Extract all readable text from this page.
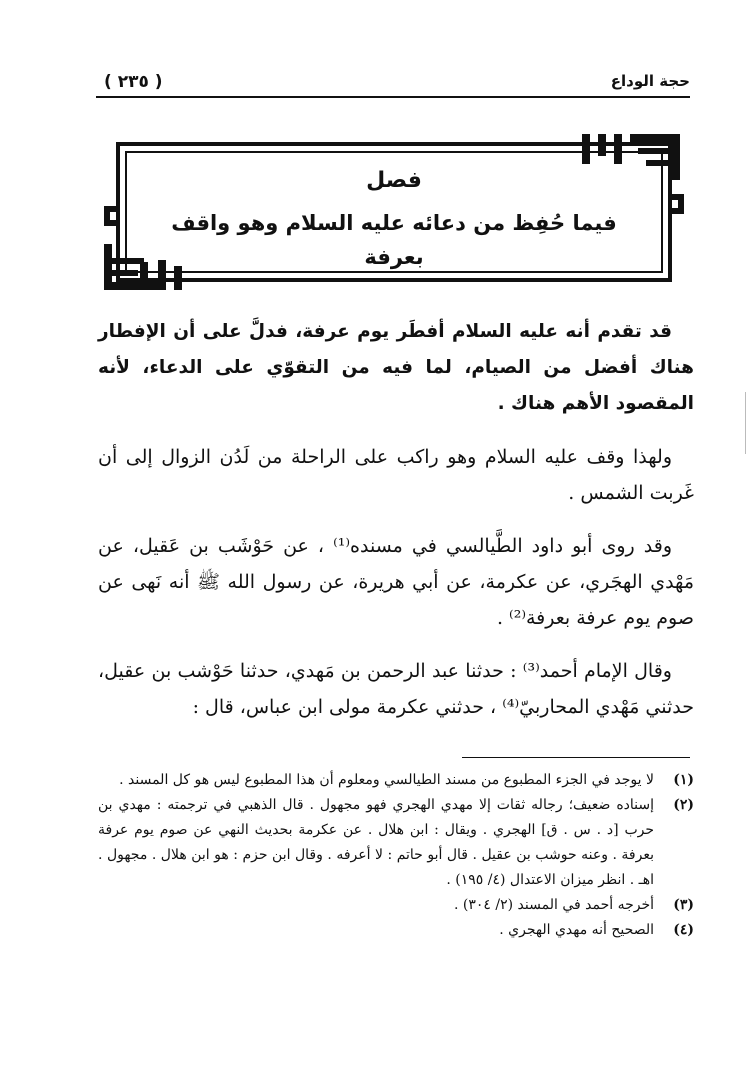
حجة الوداع
( ٢٣٥ )
فصل
فيما حُفِظ من دعائه عليه السلام وهو واقف بعرفة

قد تقدم أنه عليه السلام أفطَر يوم عرفة، فدلَّ على أن الإفطار هناك أفضل من الصيام، لما فيه من التقوّي على الدعاء، لأنه المقصود الأهم هناك .

ولهذا وقف عليه السلام وهو راكب على الراحلة من لَدُن الزوال إلى أن غَربت الشمس .

وقد روى أبو داود الطَّيالسي في مسنده⁽¹⁾ ، عن حَوْشَب بن عَقيل، عن مَهْدي الهجَري، عن عكرمة، عن أبي هريرة، عن رسول الله ﷺ أنه نَهى عن صوم يوم عرفة بعرفة⁽²⁾ .

وقال الإمام أحمد⁽³⁾ : حدثنا عبد الرحمن بن مَهدي، حدثنا حَوْشب بن عقيل، حدثني مَهْدي المحاربيّ⁽⁴⁾ ، حدثني عكرمة مولى ابن عباس، قال :

(١)
لا يوجد في الجزء المطبوع من مسند الطيالسي ومعلوم أن هذا المطبوع ليس هو كل المسند .
(٢)
إسناده ضعيف؛ رجاله ثقات إلا مهدي الهجري فهو مجهول . قال الذهبي في ترجمته : مهدي بن حرب [د . س . ق] الهجري . ويقال : ابن هلال . عن عكرمة بحديث النهي عن صوم يوم عرفة بعرفة . وعنه حوشب بن عقيل . قال أبو حاتم : لا أعرفه . وقال ابن حزم : هو ابن هلال . مجهول . اهـ . انظر ميزان الاعتدال (٤/ ١٩٥) .
(٣)
أخرجه أحمد في المسند (٢/ ٣٠٤) .
(٤)
الصحيح أنه مهدي الهجري .
